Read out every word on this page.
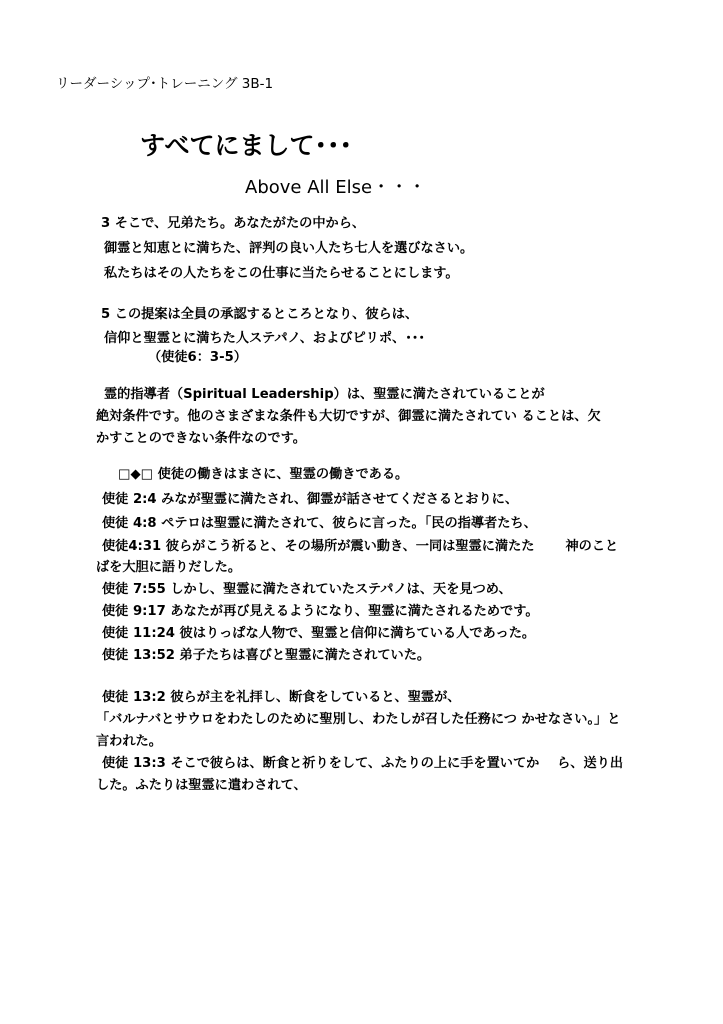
リーダーシップ･トレーニング 3B-1
すべてにまして･･･
Above All Else・・・
3 そこで、兄弟たち。あなたがたの中から、
御霊と知恵とに満ちた、評判の良い人たち七人を選びなさい。
私たちはその人たちをこの仕事に当たらせることにします。
5 この提案は全員の承認するところとなり、彼らは、
信仰と聖霊とに満ちた人ステパノ、およびピリポ、･･･
（使徒6：3-5）
霊的指導者（Spiritual Leadership）は、聖霊に満たされていることが
絶対条件です。他のさまざまな条件も大切ですが、御霊に満たされてい ることは、欠
かすことのできない条件なのです。
□◆□ 使徒の働きはまさに、聖霊の働きである。
使徒 2:4 みなが聖霊に満たされ、御霊が話させてくださるとおりに、
使徒 4:8 ペテロは聖霊に満たされて、彼らに言った。「民の指導者たち、
使徒4:31 彼らがこう祈ると、その場所が震い動き、一同は聖霊に満たた　　 神のこと
ばを大胆に語りだした。
使徒 7:55 しかし、聖霊に満たされていたステパノは、天を見つめ、
使徒 9:17 あなたが再び見えるようになり、聖霊に満たされるためです。
使徒 11:24 彼はりっぱな人物で、聖霊と信仰に満ちている人であった。
使徒 13:52 弟子たちは喜びと聖霊に満たされていた。
使徒 13:2 彼らが主を礼拝し、断食をしていると、聖霊が、
「バルナバとサウロをわたしのために聖別し、わたしが召した任務につ かせなさい。」と
言われた。
使徒 13:3 そこで彼らは、断食と祈りをして、ふたりの上に手を置いてか　 ら、送り出
した。ふたりは聖霊に遣わされて、
